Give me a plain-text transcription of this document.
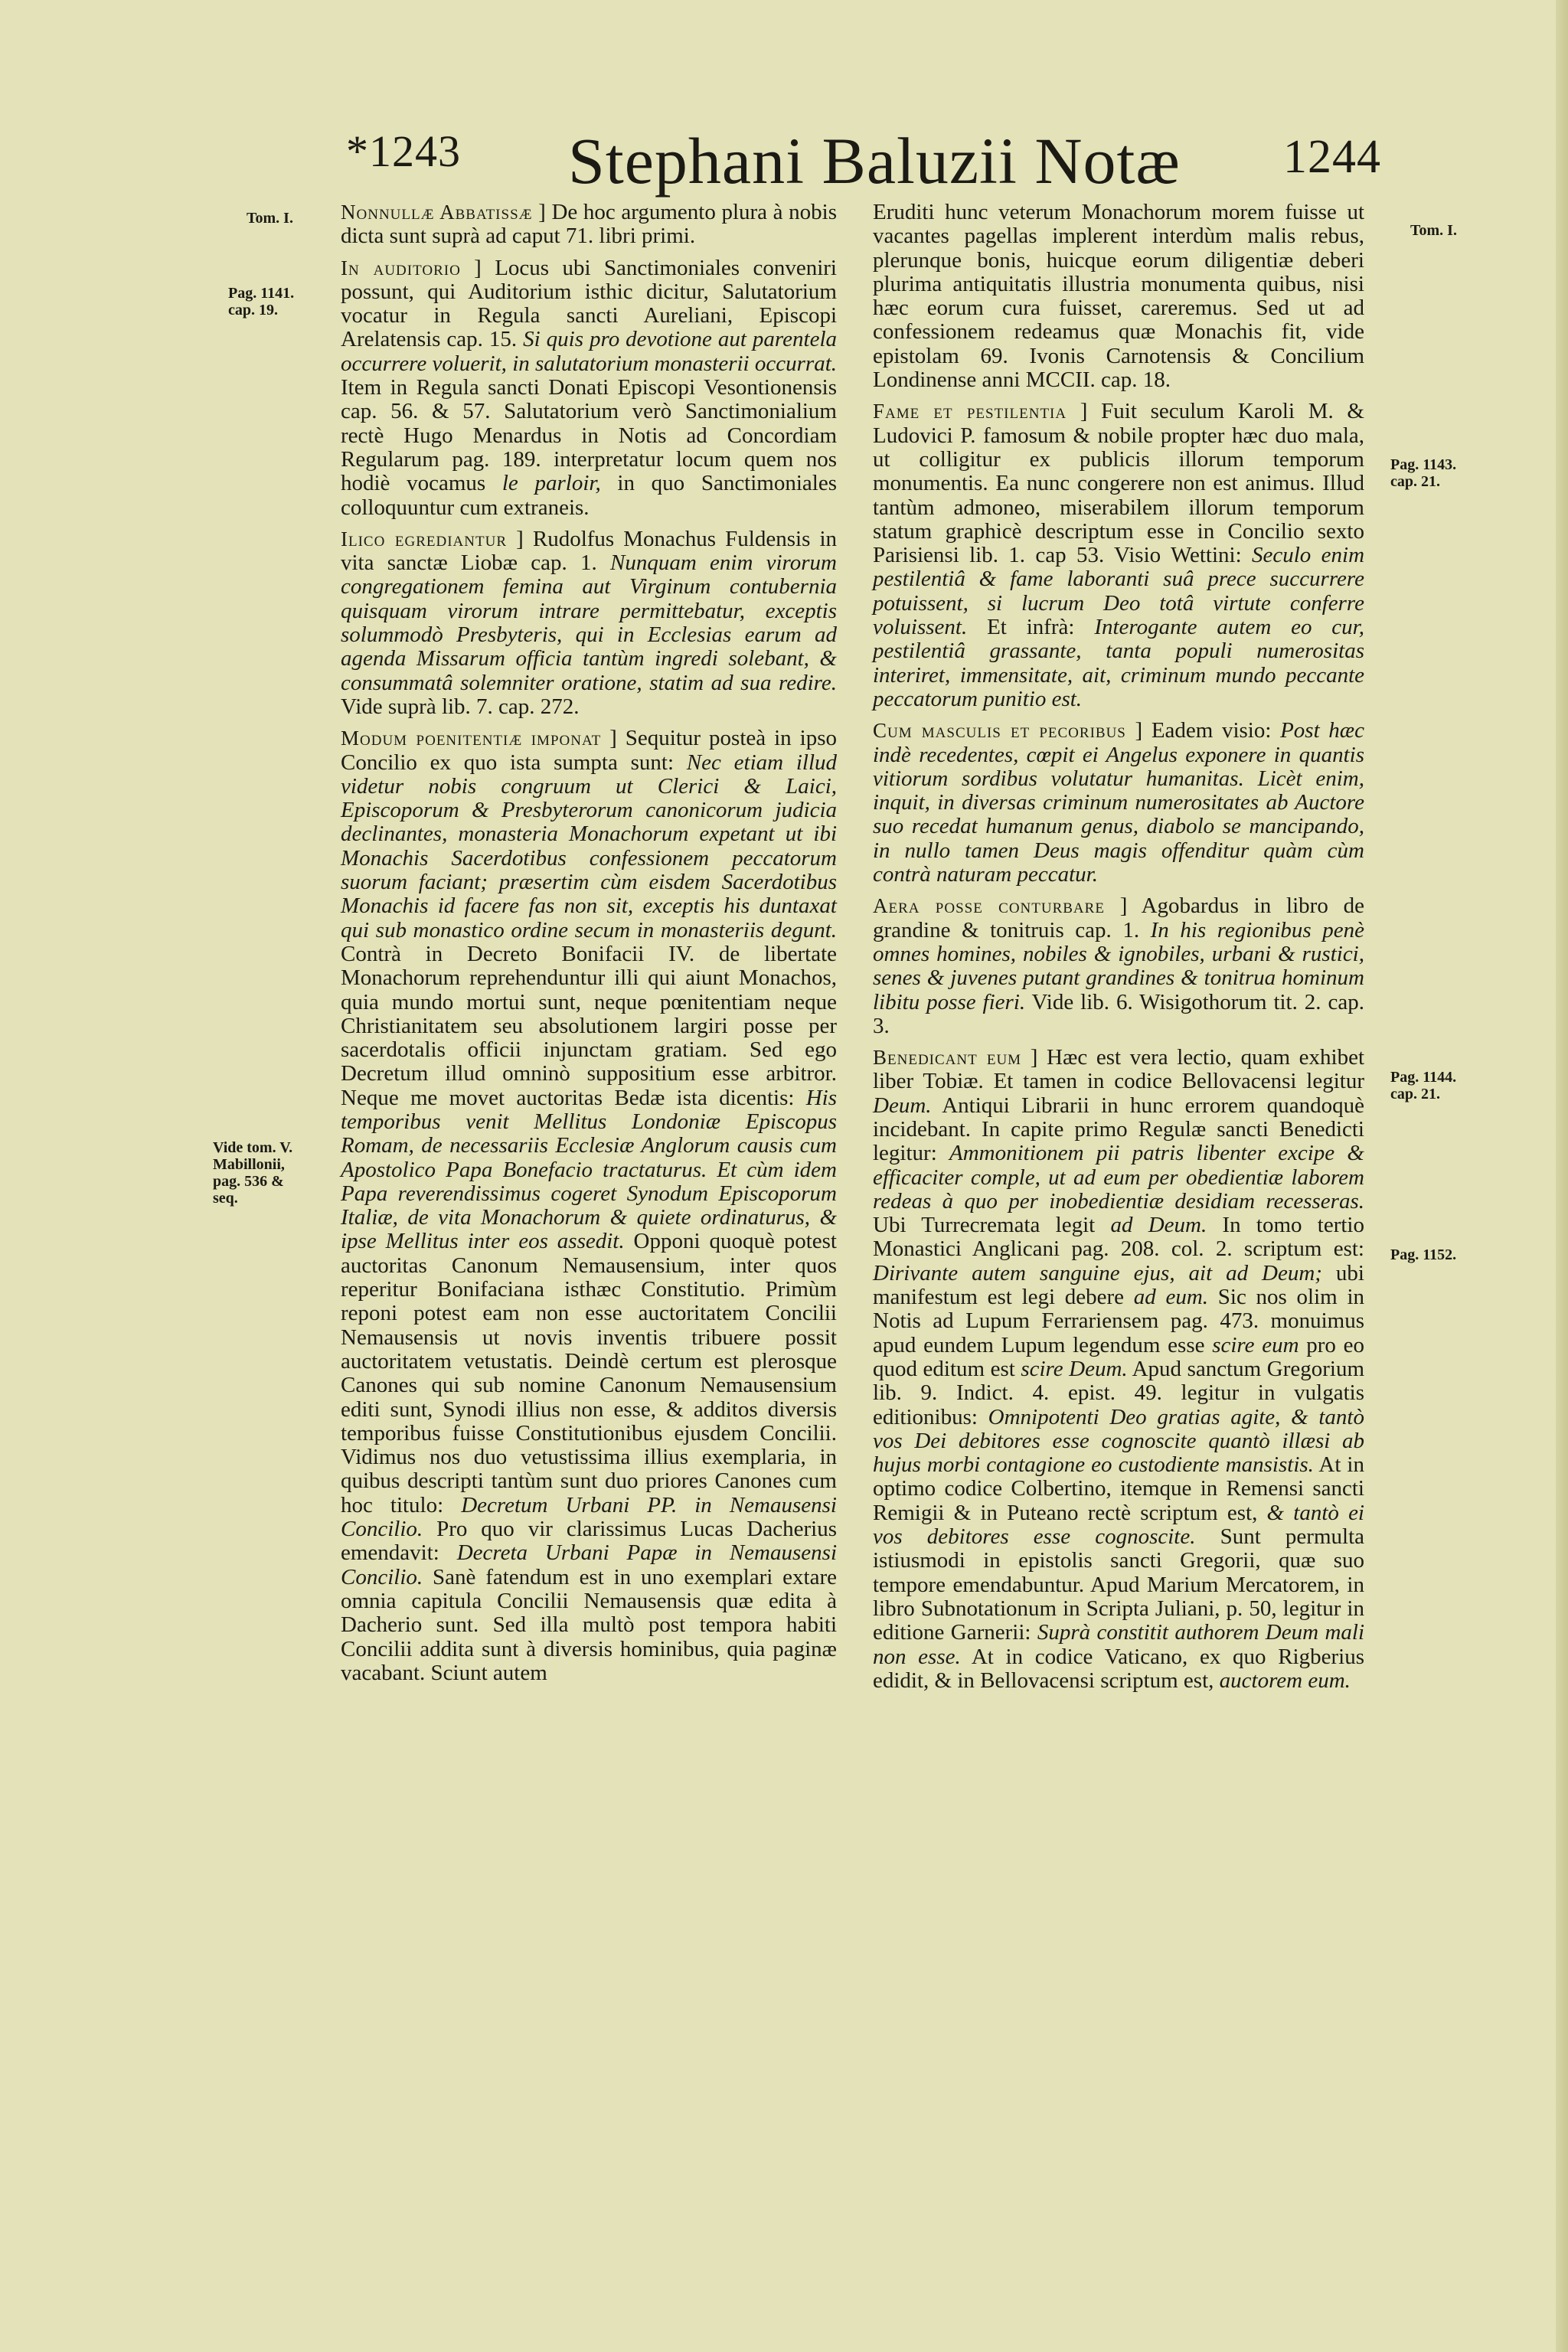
*1243 Stephani Baluzii Notæ 1244
Tom. I.
Pag. 1141.
cap. 19.
Vide tom. V.
Mabillonii,
pag. 536 &
seq.
Tom. I.
Pag. 1143.
cap. 21.
Pag. 1144.
cap. 21.
Pag. 1152.

Nonnullæ Abbatissæ ] De hoc argumento plura à nobis dicta sunt suprà ad caput 71. libri primi.

In auditorio ] Locus ubi Sanctimoniales conveniri possunt, qui Auditorium isthic dicitur, Salutatorium vocatur in Regula sancti Aureliani, Episcopi Arelatensis cap. 15. Si quis pro devotione aut parentela occurrere voluerit, in salutatorium monasterii occurrat. Item in Regula sancti Donati Episcopi Vesontionensis cap. 56. & 57. Salutatorium verò Sanctimonialium rectè Hugo Menardus in Notis ad Concordiam Regularum pag. 189. interpretatur locum quem nos hodiè vocamus le parloir, in quo Sanctimoniales colloquuntur cum extraneis.

Ilico egrediantur ] Rudolfus Monachus Fuldensis in vita sanctæ Liobæ cap. 1. Nunquam enim virorum congregationem femina aut Virginum contubernia quisquam virorum intrare permittebatur, exceptis solummodò Presbyteris, qui in Ecclesias earum ad agenda Missarum officia tantùm ingredi solebant, & consummatâ solemniter oratione, statim ad sua redire. Vide suprà lib. 7. cap. 272.

Modum poenitentiæ imponat ] Sequitur posteà in ipso Concilio ex quo ista sumpta sunt: Nec etiam illud videtur nobis congruum ut Clerici & Laici, Episcoporum & Presbyterorum canonicorum judicia declinantes, monasteria Monachorum expetant ut ibi Monachis Sacerdotibus confessionem peccatorum suorum faciant; præsertim cùm eisdem Sacerdotibus Monachis id facere fas non sit, exceptis his duntaxat qui sub monastico ordine secum in monasteriis degunt. Contrà in Decreto Bonifacii IV. de libertate Monachorum reprehenduntur illi qui aiunt Monachos, quia mundo mortui sunt, neque pœnitentiam neque Christianitatem seu absolutionem largiri posse per sacerdotalis officii injunctam gratiam. Sed ego Decretum illud omninò suppositium esse arbitror. Neque me movet auctoritas Bedæ ista dicentis: His temporibus venit Mellitus Londoniæ Episcopus Romam, de necessariis Ecclesiæ Anglorum causis cum Apostolico Papa Bonefacio tractaturus. Et cùm idem Papa reverendissimus cogeret Synodum Episcoporum Italiæ, de vita Monachorum & quiete ordinaturus, & ipse Mellitus inter eos assedit. Opponi quoquè potest auctoritas Canonum Nemausensium, inter quos reperitur Bonifaciana isthæc Constitutio. Primùm reponi potest eam non esse auctoritatem Concilii Nemausensis ut novis inventis tribuere possit auctoritatem vetustatis. Deindè certum est plerosque Canones qui sub nomine Canonum Nemausensium editi sunt, Synodi illius non esse, & additos diversis temporibus fuisse Constitutionibus ejusdem Concilii. Vidimus nos duo vetustissima illius exemplaria, in quibus descripti tantùm sunt duo priores Canones cum hoc titulo: Decretum Urbani PP. in Nemausensi Concilio. Pro quo vir clarissimus Lucas Dacherius emendavit: Decreta Urbani Papæ in Nemausensi Concilio. Sanè fatendum est in uno exemplari extare omnia capitula Concilii Nemausensis quæ edita à Dacherio sunt. Sed illa multò post tempora habiti Concilii addita sunt à diversis hominibus, quia paginæ vacabant. Sciunt autem

Eruditi hunc veterum Monachorum morem fuisse ut vacantes pagellas implerent interdùm malis rebus, plerunque bonis, huicque eorum diligentiæ deberi plurima antiquitatis illustria monumenta quibus, nisi hæc eorum cura fuisset, careremus. Sed ut ad confessionem redeamus quæ Monachis fit, vide epistolam 69. Ivonis Carnotensis & Concilium Londinense anni MCCII. cap. 18.

Fame et pestilentia ] Fuit seculum Karoli M. & Ludovici P. famosum & nobile propter hæc duo mala, ut colligitur ex publicis illorum temporum monumentis. Ea nunc congerere non est animus. Illud tantùm admoneo, miserabilem illorum temporum statum graphicè descriptum esse in Concilio sexto Parisiensi lib. 1. cap 53. Visio Wettini: Seculo enim pestilentiâ & fame laboranti suâ prece succurrere potuissent, si lucrum Deo totâ virtute conferre voluissent. Et infrà: Interogante autem eo cur, pestilentiâ grassante, tanta populi numerositas interiret, immensitate, ait, criminum mundo peccante peccatorum punitio est.

Cum masculis et pecoribus ] Eadem visio: Post hæc indè recedentes, cœpit ei Angelus exponere in quantis vitiorum sordibus volutatur humanitas. Licèt enim, inquit, in diversas criminum numerositates ab Auctore suo recedat humanum genus, diabolo se mancipando, in nullo tamen Deus magis offenditur quàm cùm contrà naturam peccatur.

Aera posse conturbare ] Agobardus in libro de grandine & tonitruis cap. 1. In his regionibus penè omnes homines, nobiles & ignobiles, urbani & rustici, senes & juvenes putant grandines & tonitrua hominum libitu posse fieri. Vide lib. 6. Wisigothorum tit. 2. cap. 3.

Benedicant eum ] Hæc est vera lectio, quam exhibet liber Tobiæ. Et tamen in codice Bellovacensi legitur Deum. Antiqui Librarii in hunc errorem quandoquè incidebant. In capite primo Regulæ sancti Benedicti legitur: Ammonitionem pii patris libenter excipe & efficaciter comple, ut ad eum per obedientiæ laborem redeas à quo per inobedientiæ desidiam recesseras. Ubi Turrecremata legit ad Deum. In tomo tertio Monastici Anglicani pag. 208. col. 2. scriptum est: Dirivante autem sanguine ejus, ait ad Deum; ubi manifestum est legi debere ad eum. Sic nos olim in Notis ad Lupum Ferrariensem pag. 473. monuimus apud eundem Lupum legendum esse scire eum pro eo quod editum est scire Deum. Apud sanctum Gregorium lib. 9. Indict. 4. epist. 49. legitur in vulgatis editionibus: Omnipotenti Deo gratias agite, & tantò vos Dei debitores esse cognoscite quantò illæsi ab hujus morbi contagione eo custodiente mansistis. At in optimo codice Colbertino, itemque in Remensi sancti Remigii & in Puteano rectè scriptum est, & tantò ei vos debitores esse cognoscite. Sunt permulta istiusmodi in epistolis sancti Gregorii, quæ suo tempore emendabuntur. Apud Marium Mercatorem, in libro Subnotationum in Scripta Juliani, p. 50, legitur in editione Garnerii: Suprà constitit authorem Deum mali non esse. At in codice Vaticano, ex quo Rigberius edidit, & in Bellovacensi scriptum est, auctorem eum.
